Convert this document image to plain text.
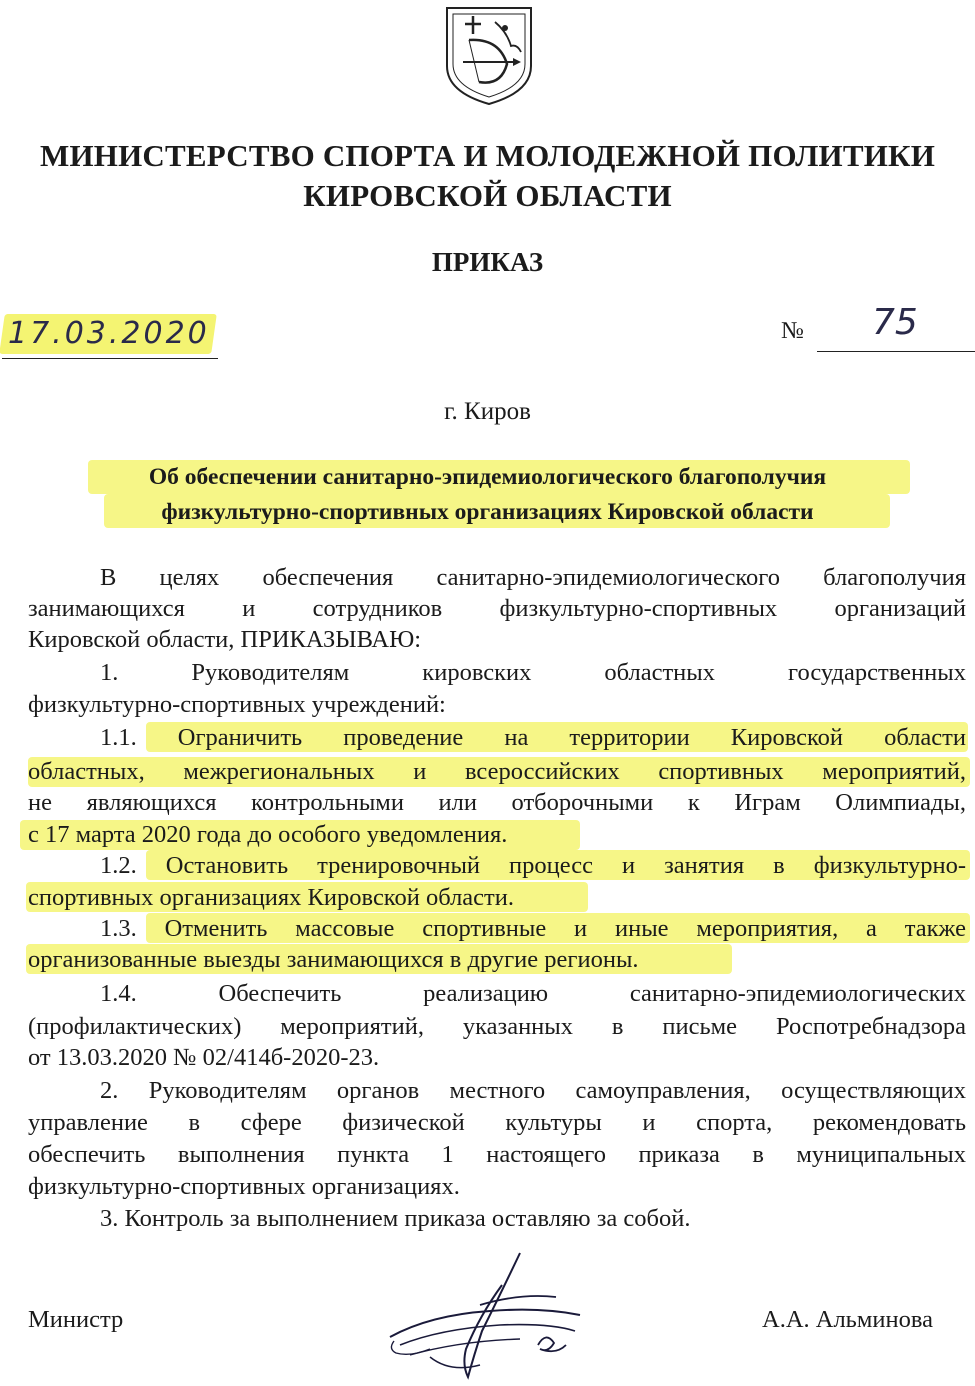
МИНИСТЕРСТВО СПОРТА И МОЛОДЕЖНОЙ ПОЛИТИКИ
КИРОВСКОЙ ОБЛАСТИ
ПРИКАЗ
17.03.2020	№ 75
г. Киров
Об обеспечении санитарно-эпидемиологического благополучия
физкультурно-спортивных организациях Кировской области
В целях обеспечения санитарно-эпидемиологического благополучия
занимающихся и сотрудников физкультурно-спортивных организаций
Кировской области, ПРИКАЗЫВАЮ:
1. Руководителям кировских областных государственных
физкультурно-спортивных учреждений:
1.1. Ограничить проведение на территории Кировской области
областных, межрегиональных и всероссийских спортивных мероприятий,
не являющихся контрольными или отборочными к Играм Олимпиады,
с 17 марта 2020 года до особого уведомления.
1.2. Остановить тренировочный процесс и занятия в физкультурно-
спортивных организациях Кировской области.
1.3. Отменить массовые спортивные и иные мероприятия, а также
организованные выезды занимающихся в другие регионы.
1.4. Обеспечить реализацию санитарно-эпидемиологических
(профилактических) мероприятий, указанных в письме Роспотребнадзора
от 13.03.2020 № 02/414б-2020-23.
2. Руководителям органов местного самоуправления, осуществляющих
управление в сфере физической культуры и спорта, рекомендовать
обеспечить выполнения пункта 1 настоящего приказа в муниципальных
физкультурно-спортивных организациях.
3. Контроль за выполнением приказа оставляю за собой.
Министр	А.А. Альминова
